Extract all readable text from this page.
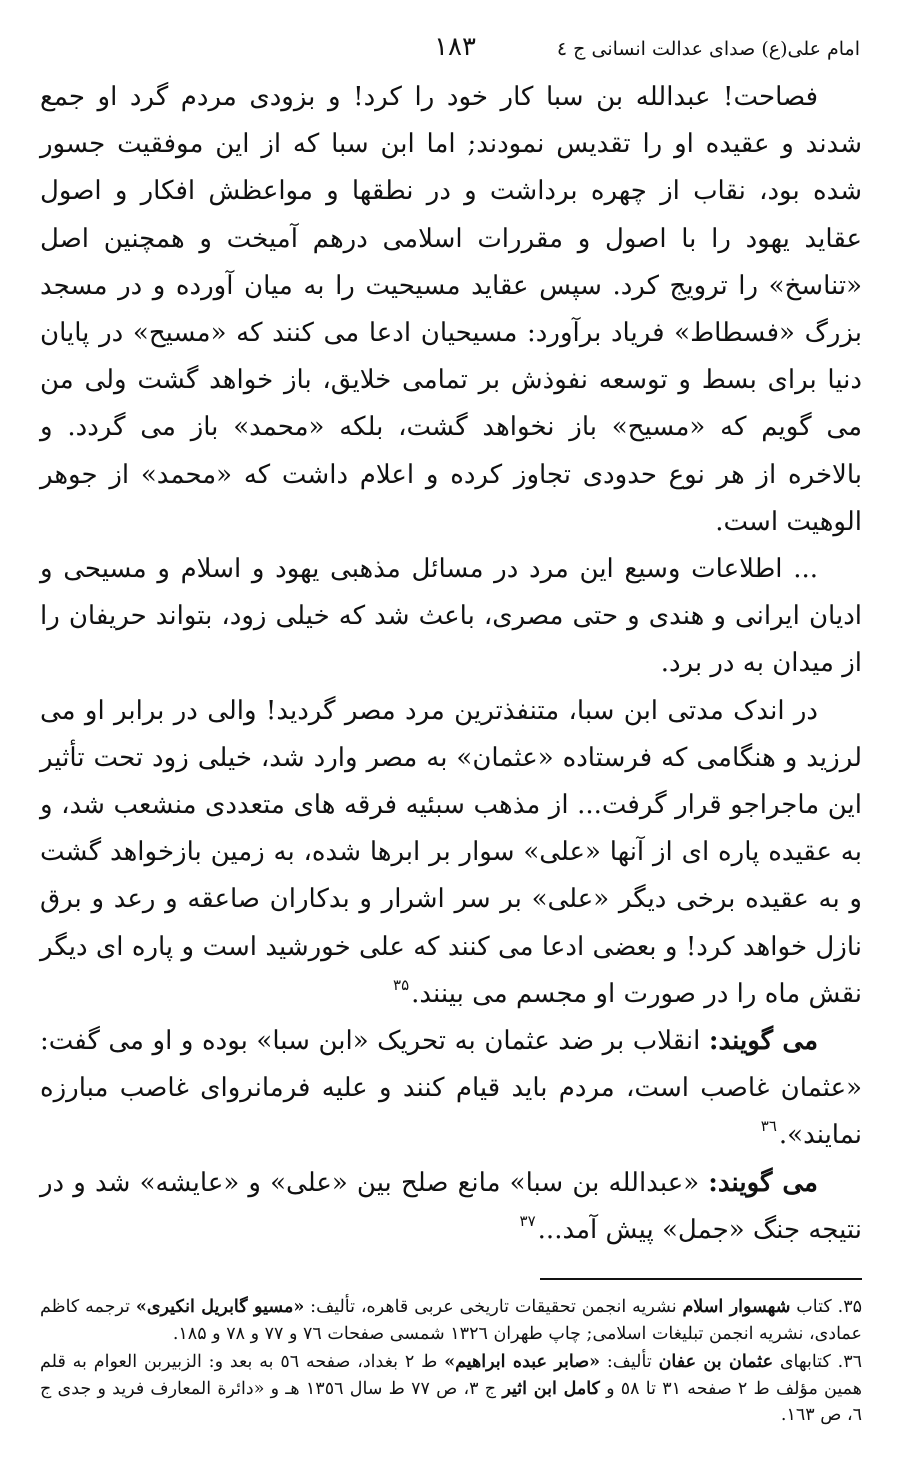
امام علی(ع) صدای عدالت انسانی ج ٤
۱۸۳

فصاحت! عبدالله بن سبا کار خود را کرد! و بزودی مردم گرد او جمع شدند و عقیده او را تقدیس نمودند; اما ابن سبا که از این موفقیت جسور شده بود، نقاب از چهره برداشت و در نطقها و مواعظش افکار و اصول عقاید یهود را با اصول و مقررات اسلامی درهم آمیخت و همچنین اصل «تناسخ» را ترویج کرد. سپس عقاید مسیحیت را به میان آورده و در مسجد بزرگ «فسطاط» فریاد برآورد: مسیحیان ادعا می کنند که «مسیح» در پایان دنیا برای بسط و توسعه نفوذش بر تمامی خلایق، باز خواهد گشت ولی من می گویم که «مسیح» باز نخواهد گشت، بلکه «محمد» باز می گردد. و بالاخره از هر نوع حدودی تجاوز کرده و اعلام داشت که «محمد» از جوهر الوهیت است.

... اطلاعات وسیع این مرد در مسائل مذهبی یهود و اسلام و مسیحی و ادیان ایرانی و هندی و حتی مصری، باعث شد که خیلی زود، بتواند حریفان را از میدان به در برد.

در اندک مدتی ابن سبا، متنفذترین مرد مصر گردید! والی در برابر او می لرزید و هنگامی که فرستاده «عثمان» به مصر وارد شد، خیلی زود تحت تأثیر این ماجراجو قرار گرفت... از مذهب سبئیه فرقه های متعددی منشعب شد، و به عقیده پاره ای از آنها «علی» سوار بر ابرها شده، به زمین بازخواهد گشت و به عقیده برخی دیگر «علی» بر سر اشرار و بدکاران صاعقه و رعد و برق نازل خواهد کرد! و بعضی ادعا می کنند که علی خورشید است و پاره ای دیگر نقش ماه را در صورت او مجسم می بینند.$^{۳۵}$

می گویند: انقلاب بر ضد عثمان به تحریک «ابن سبا» بوده و او می گفت: «عثمان غاصب است، مردم باید قیام کنند و علیه فرمانروای غاصب مبارزه نمایند».$^{۳٦}$

می گویند: «عبدالله بن سبا» مانع صلح بین «علی» و «عایشه» شد و در نتیجه جنگ «جمل» پیش آمد...$^{۳۷}$

۳۵. کتاب شهسوار اسلام نشریه انجمن تحقیقات تاریخی عربی قاهره، تألیف: «مسیو گابریل انکیری» ترجمه کاظم عمادی، نشریه انجمن تبلیغات اسلامی; چاپ طهران ۱۳۲٦ شمسی صفحات ۷٦ و ۷۷ و ۷۸ و ۱۸۵.

۳٦. کتابهای عثمان بن عفان تألیف: «صابر عبده ابراهیم» ط ۲ بغداد، صفحه ٥٦ به بعد و: الزبیربن العوام به قلم همین مؤلف ط ۲ صفحه ۳۱ تا ٥۸ و کامل ابن اثیر ج ۳، ص ۷۷ ط سال ۱۳٥٦ هـ و «دائرة المعارف فرید و جدی ج ٦، ص ۱٦۳.
